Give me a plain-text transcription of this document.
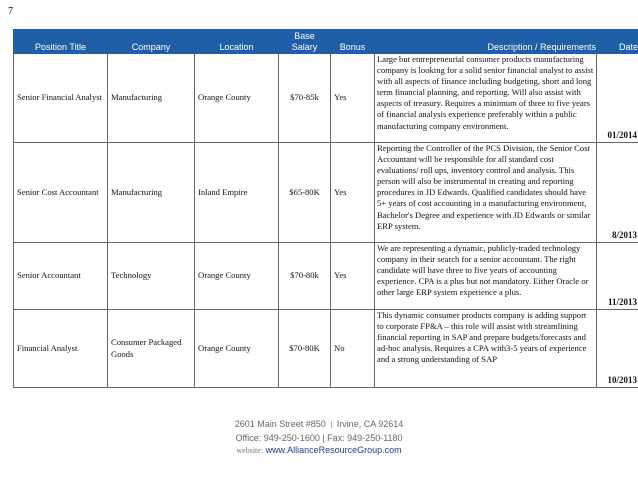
7
Position Title	Company	Location	Base Salary	Bonus	Description / Requirements	Date
Senior Financial Analyst	Manufacturing	Orange County	$70-85k	Yes	Large but entrepreneurial consumer products manufacturing company is looking for a solid senior financial analyst to assist with all aspects of finance including budgeting, short and long term financial planning, and reporting. Will also assist with aspects of treasury. Requires a minimum of three to five years of financial analysis experience preferably within a public manufacturing company environment.	01/2014
Senior Cost Accountant	Manufacturing	Inland Empire	$65-80K	Yes	Reporting the Controller of the PCS Division, the Senior Cost Accountant will be responsible for all standard cost evaluations/ roll ups, inventory control and analysis. This person will also be instrumental in creating and reporting procedures in JD Edwards. Qualified candidates should have 5+ years of cost accounting in a manufacturing environment, Bachelor's Degree and experience with JD Edwards or similar ERP system.	8/2013
Senior Accountant	Technology	Orange County	$70-80k	Yes	We are representing a dynamic, publicly-traded technology company in their search for a senior accountant. The right candidate will have three to five years of accounting experience. CPA is a plus but not mandatory. Either Oracle or other large ERP system experience a plus.	11/2013
Financial Analyst	Consumer Packaged Goods	Orange County	$70-80K	No	This dynamic consumer products company is adding support to corporate FP&A – this role will assist with streamlining financial reporting in SAP and prepare budgets/forecasts and ad-hoc analysis. Requires a CPA with3-5 years of experience and a strong understanding of SAP	10/2013
2601 Main Street #850 | Irvine, CA 92614
Office: 949-250-1600 | Fax: 949-250-1180
website: www.AllianceResourceGroup.com
